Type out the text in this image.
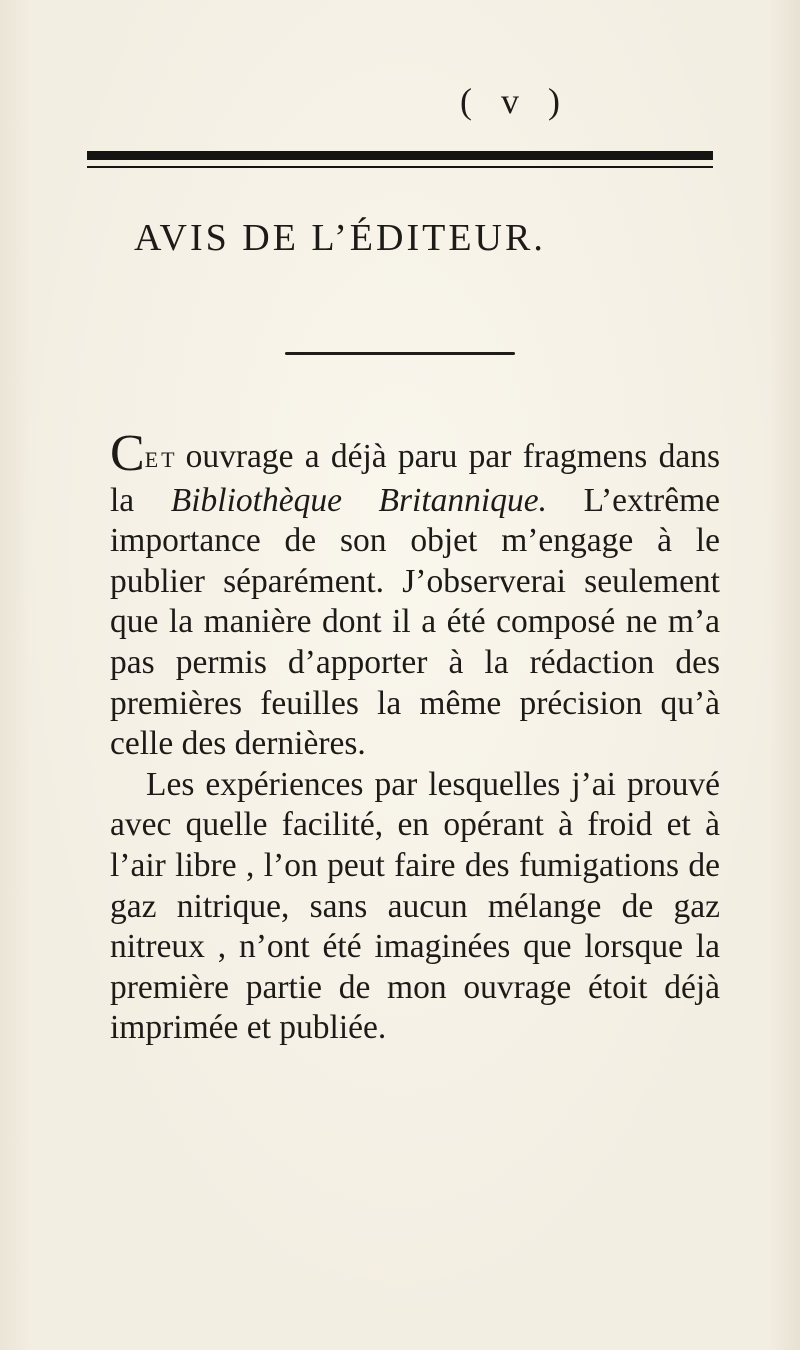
( v )
AVIS DE L’ÉDITEUR.

CET ouvrage a déjà paru par fragmens dans la Bibliothèque Britannique. L’extrême importance de son objet m’engage à le publier séparément. J’observerai seulement que la manière dont il a été composé ne m’a pas permis d’apporter à la rédaction des premières feuilles la même précision qu’à celle des dernières.

Les expériences par lesquelles j’ai prouvé avec quelle facilité, en opérant à froid et à l’air libre , l’on peut faire des fumigations de gaz nitrique, sans aucun mélange de gaz nitreux , n’ont été imaginées que lorsque la première partie de mon ouvrage étoit déjà imprimée et publiée.
